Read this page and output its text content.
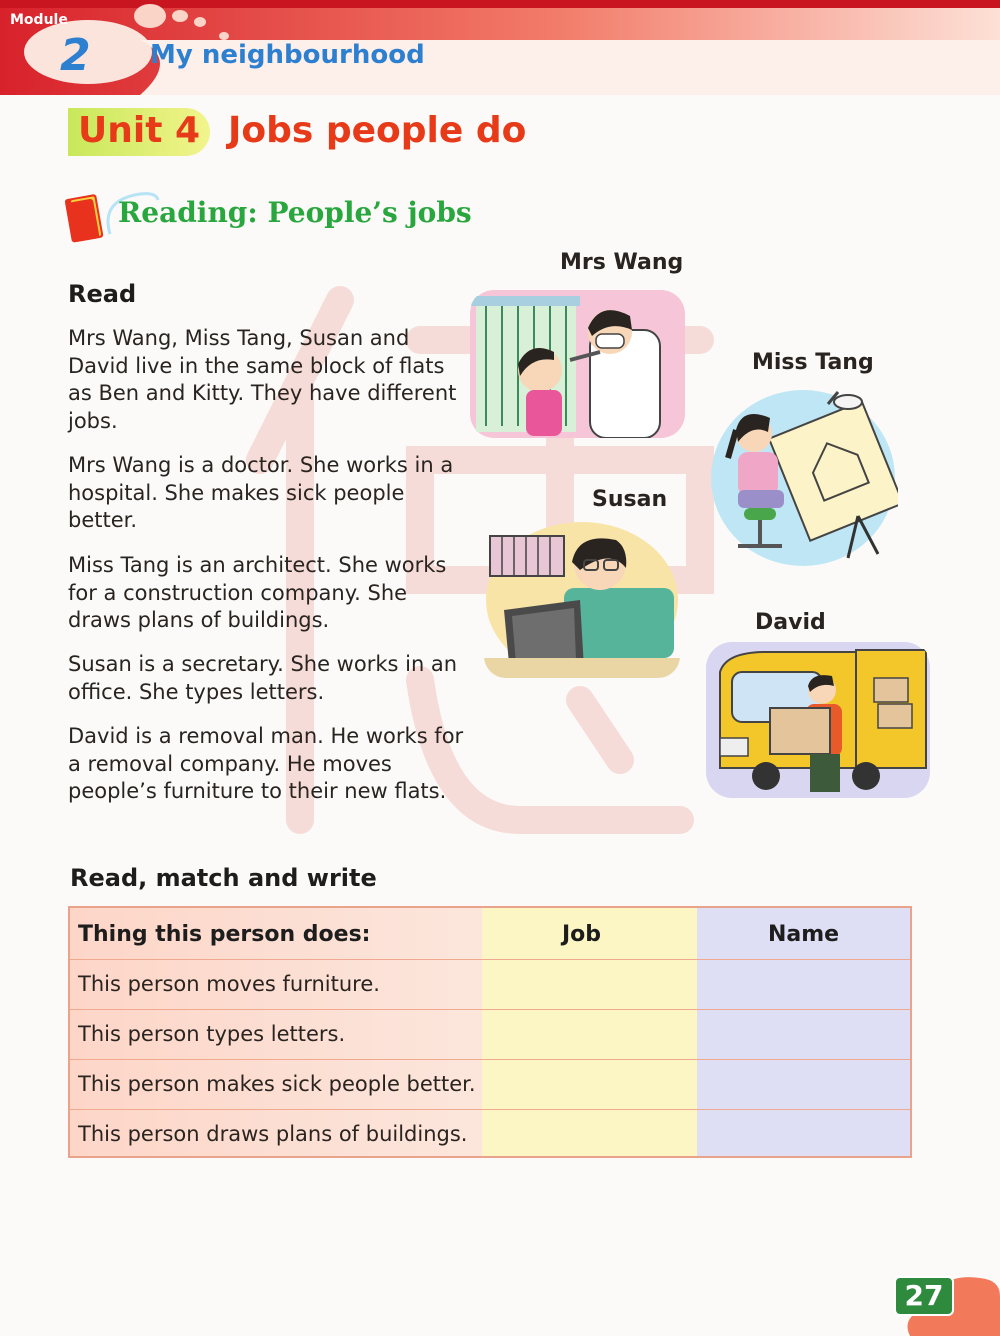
Module
2 My neighbourhood
Unit 4 Jobs people do
Reading: People’s jobs
Read

Mrs Wang, Miss Tang, Susan and David live in the same block of flats as Ben and Kitty. They have different jobs.

Mrs Wang is a doctor. She works in a hospital. She makes sick people better.

Miss Tang is an architect. She works for a construction company. She draws plans of buildings.

Susan is a secretary. She works in an office. She types letters.

David is a removal man. He works for a removal company. He moves people’s furniture to their new flats.

Mrs Wang
Miss Tang
Susan
David
Read, match and write
Thing this person does:	Job	Name
This person moves furniture.
This person types letters.
This person makes sick people better.
This person draws plans of buildings.
27
